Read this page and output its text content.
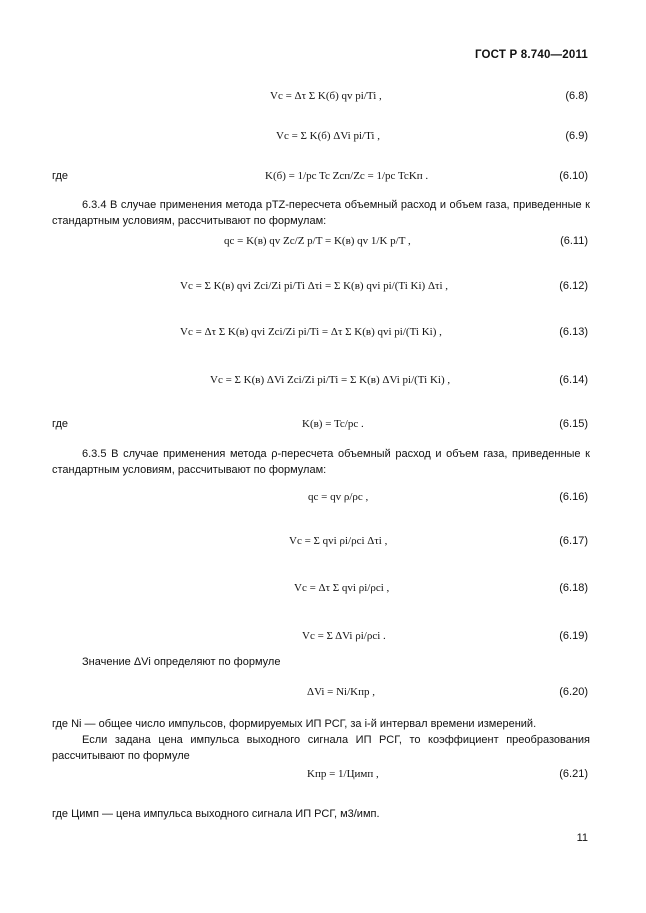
ГОСТ Р 8.740—2011
Vс = Δτ Σ K(б) qv pi/Ti ,	(6.8)
Vс = Σ K(б) ΔVi pi/Ti ,	(6.9)
где	K(б) = 1/pc Tc Zcп/Zc = 1/pc TcKп .	(6.10)
6.3.4 В случае применения метода pTZ-пересчета объемный расход и объем газа, приведенные к стандартным условиям, рассчитывают по формулам:
qc = K(в) qv Zc/Z p/T = K(в) qv 1/K p/T ,	(6.11)
Vc = Σ K(в) qvi Zci/Zi pi/Ti Δτi = Σ K(в) qvi pi/(Ti Ki) Δτi ,	(6.12)
Vc = Δτ Σ K(в) qvi Zci/Zi pi/Ti = Δτ Σ K(в) qvi pi/(Ti Ki) ,	(6.13)
Vc = Σ K(в) ΔVi Zci/Zi pi/Ti = Σ K(в) ΔVi pi/(Ti Ki) ,	(6.14)
где	K(в) = Tc/pc .	(6.15)
6.3.5 В случае применения метода ρ-пересчета объемный расход и объем газа, приведенные к стандартным условиям, рассчитывают по формулам:
qc = qv ρ/ρc ,	(6.16)
Vc = Σ qvi ρi/ρci Δτi ,	(6.17)
Vc = Δτ Σ qvi ρi/ρci ,	(6.18)
Vc = Σ ΔVi ρi/ρci .	(6.19)
Значение ΔVi определяют по формуле
ΔVi = Ni/Kпр ,	(6.20)
где Ni — общее число импульсов, формируемых ИП РСГ, за i-й интервал времени измерений.
Если задана цена импульса выходного сигнала ИП РСГ, то коэффициент преобразования рассчитывают по формуле
Kпр = 1/Цимп ,	(6.21)
где Цимп — цена импульса выходного сигнала ИП РСГ, м3/имп.
11
